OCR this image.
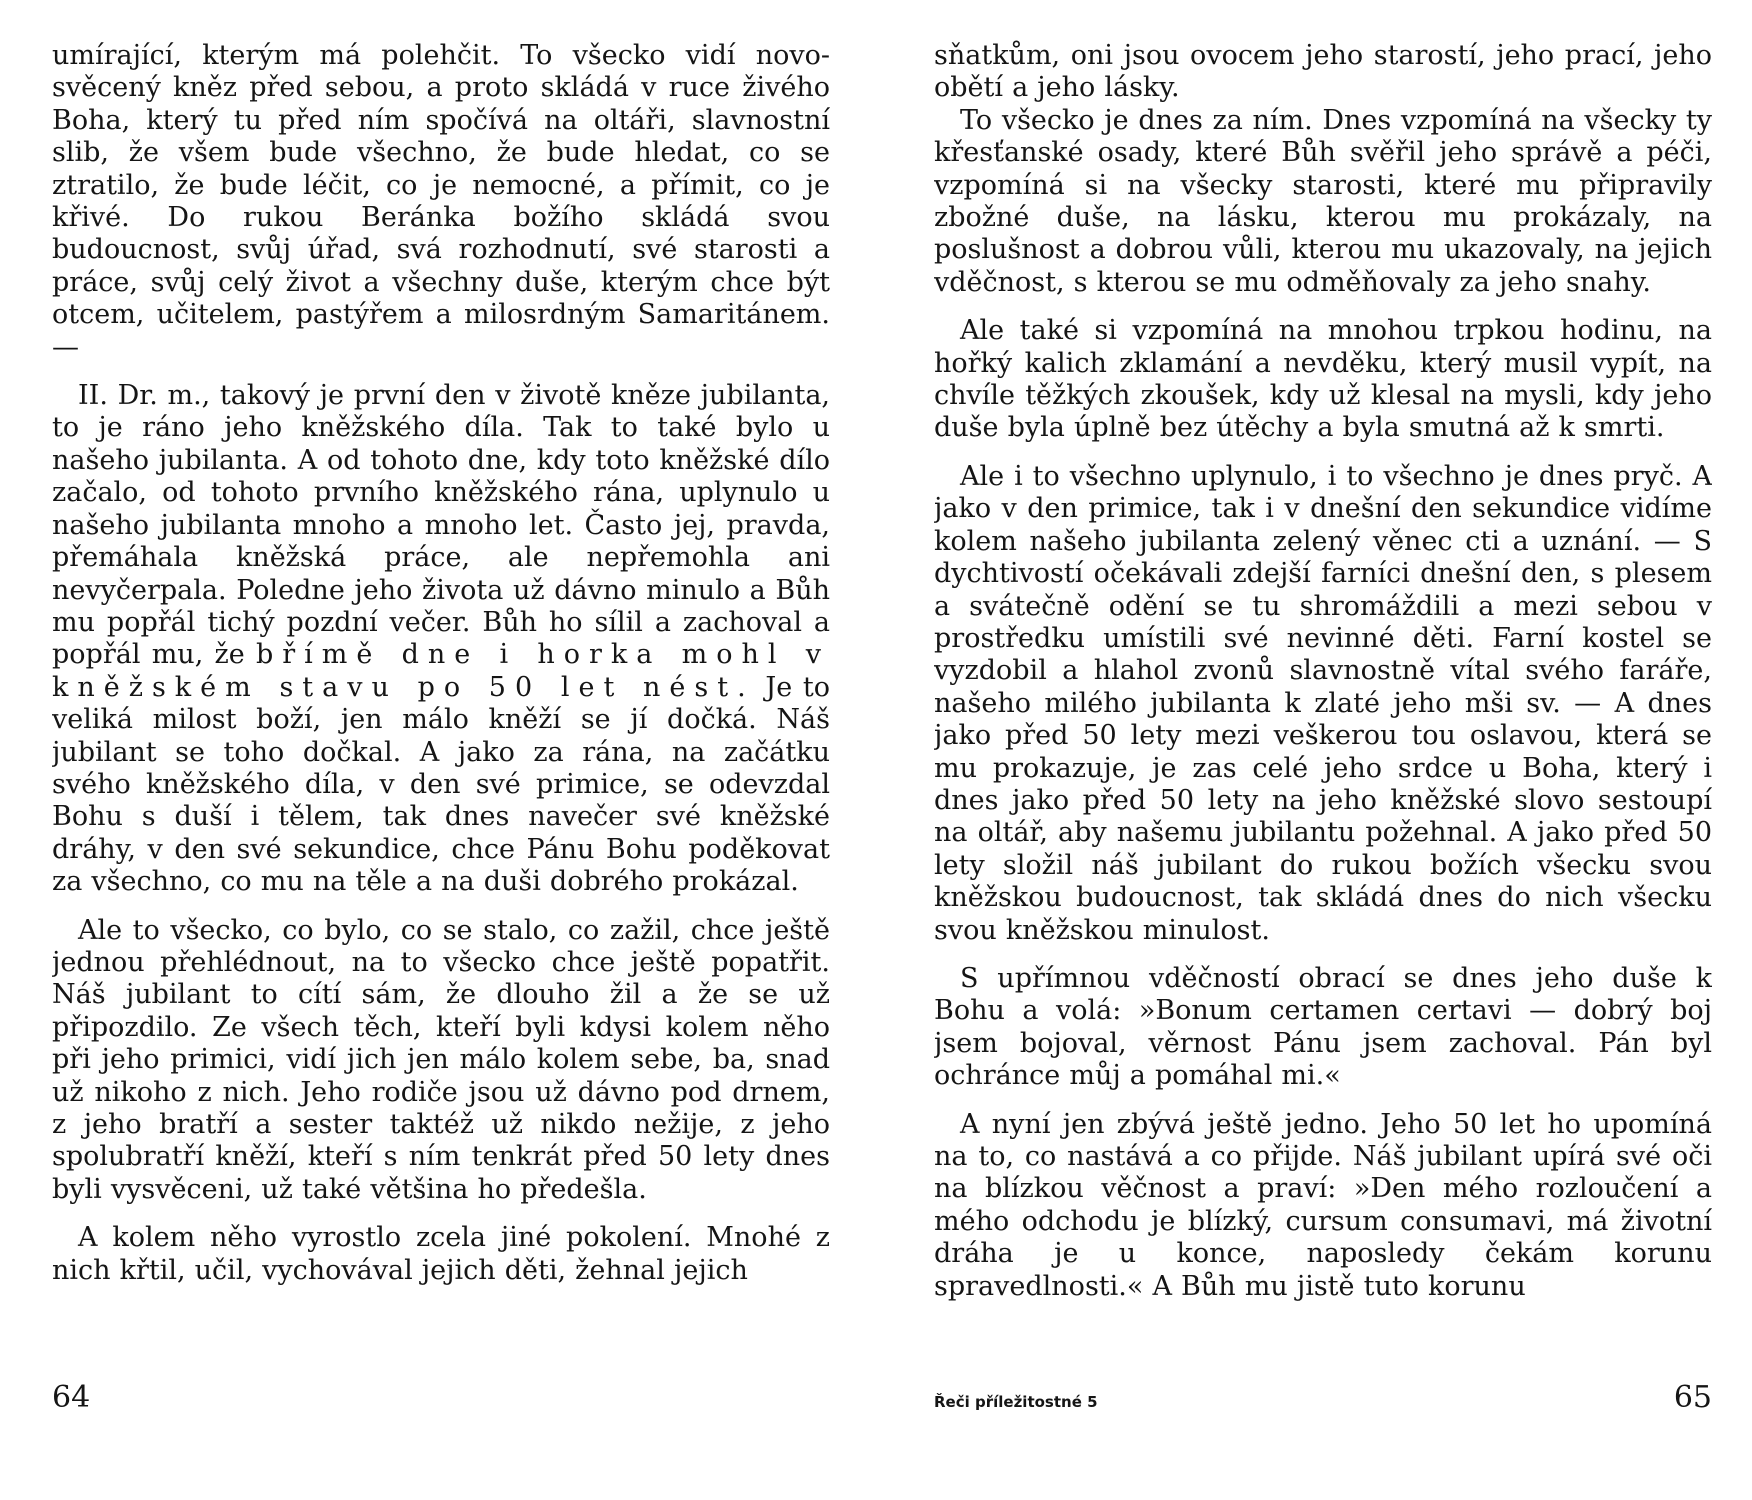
umírající, kterým má polehčit. To všecko vidí novosvěcený kněz před sebou, a proto skládá v ruce živého Boha, který tu před ním spočívá na oltáři, slavnostní slib, že všem bude všechno, že bude hledat, co se ztratilo, že bude léčit, co je nemocné, a přímit, co je křivé. Do rukou Beránka božího skládá svou budoucnost, svůj úřad, svá rozhodnutí, své starosti a práce, svůj celý život a všechny duše, kterým chce být otcem, učitelem, pastýřem a milosrdným Samaritánem. —

II. Dr. m., takový je první den v životě kněze jubilanta, to je ráno jeho kněžského díla. Tak to také bylo u našeho jubilanta. A od tohoto dne, kdy toto kněžské dílo začalo, od tohoto prvního kněžského rána, uplynulo u našeho jubilanta mnoho a mnoho let. Často jej, pravda, přemáhala kněžská práce, ale nepřemohla ani nevyčerpala. Poledne jeho života už dávno minulo a Bůh mu popřál tichý pozdní večer. Bůh ho sílil a zachoval a popřál mu, že břímě dne i horka mohl v kněžském stavu po 50 let nést. Je to veliká milost boží, jen málo kněží se jí dočká. Náš jubilant se toho dočkal. A jako za rána, na začátku svého kněžského díla, v den své primice, se odevzdal Bohu s duší i tělem, tak dnes navečer své kněžské dráhy, v den své sekundice, chce Pánu Bohu poděkovat za všechno, co mu na těle a na duši dobrého prokázal.

Ale to všecko, co bylo, co se stalo, co zažil, chce ještě jednou přehlédnout, na to všecko chce ještě popatřit. Náš jubilant to cítí sám, že dlouho žil a že se už připozdilo. Ze všech těch, kteří byli kdysi kolem něho při jeho primici, vidí jich jen málo kolem sebe, ba, snad už nikoho z nich. Jeho rodiče jsou už dávno pod drnem, z jeho bratří a sester taktéž už nikdo nežije, z jeho spolubratří kněží, kteří s ním tenkrát před 50 lety dnes byli vysvěceni, už také většina ho předešla.

A kolem něho vyrostlo zcela jiné pokolení. Mnohé z nich křtil, učil, vychovával jejich děti, žehnal jejich

64

sňatkům, oni jsou ovocem jeho starostí, jeho prací, jeho obětí a jeho lásky.

To všecko je dnes za ním. Dnes vzpomíná na všecky ty křesťanské osady, které Bůh svěřil jeho správě a péči, vzpomíná si na všecky starosti, které mu připravily zbožné duše, na lásku, kterou mu prokázaly, na poslušnost a dobrou vůli, kterou mu ukazovaly, na jejich vděčnost, s kterou se mu odměňovaly za jeho snahy.

Ale také si vzpomíná na mnohou trpkou hodinu, na hořký kalich zklamání a nevděku, který musil vypít, na chvíle těžkých zkoušek, kdy už klesal na mysli, kdy jeho duše byla úplně bez útěchy a byla smutná až k smrti.

Ale i to všechno uplynulo, i to všechno je dnes pryč. A jako v den primice, tak i v dnešní den sekundice vidíme kolem našeho jubilanta zelený věnec cti a uznání. — S dychtivostí očekávali zdejší farníci dnešní den, s plesem a svátečně odění se tu shromáždili a mezi sebou v prostředku umístili své nevinné děti. Farní kostel se vyzdobil a hlahol zvonů slavnostně vítal svého faráře, našeho milého jubilanta k zlaté jeho mši sv. — A dnes jako před 50 lety mezi veškerou tou oslavou, která se mu prokazuje, je zas celé jeho srdce u Boha, který i dnes jako před 50 lety na jeho kněžské slovo sestoupí na oltář, aby našemu jubilantu požehnal. A jako před 50 lety složil náš jubilant do rukou božích všecku svou kněžskou budoucnost, tak skládá dnes do nich všecku svou kněžskou minulost.

S upřímnou vděčností obrací se dnes jeho duše k Bohu a volá: »Bonum certamen certavi — dobrý boj jsem bojoval, věrnost Pánu jsem zachoval. Pán byl ochránce můj a pomáhal mi.«

A nyní jen zbývá ještě jedno. Jeho 50 let ho upomíná na to, co nastává a co přijde. Náš jubilant upírá své oči na blízkou věčnost a praví: »Den mého rozloučení a mého odchodu je blízký, cursum consumavi, má životní dráha je u konce, naposledy čekám korunu spravedlnosti.« A Bůh mu jistě tuto korunu

Řeči příležitostné 5	65
